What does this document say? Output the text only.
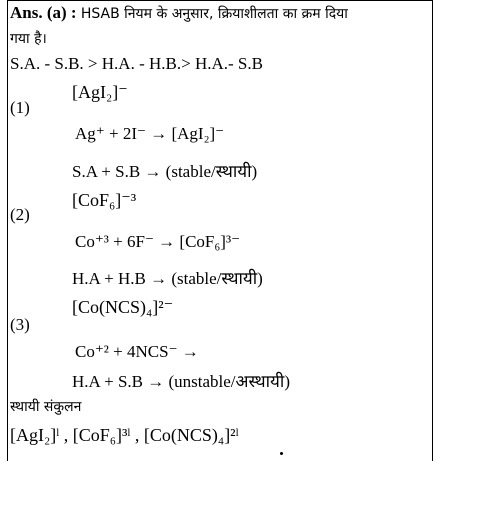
Ans. (a) : HSAB नियम के अनुसार, क्रियाशीलता का क्रम दिया
गया है।
S.A. - S.B. > H.A. - H.B.> H.A.- S.B
(1)
[AgI₂]⁻
Ag⁺ + 2I⁻ → [AgI₂]⁻
S.A + S.B → (stable/स्थायी)
(2)
[CoF₆]⁻³
Co⁺³ + 6F⁻ → [CoF₆]³⁻
H.A + H.B → (stable/स्थायी)
(3)
[Co(NCS)₄]²⁻
Co⁺² + 4NCS⁻ →
H.A + S.B → (unstable/अस्थायी)
स्थायी संकुलन
[AgI₂]ˡ , [CoF₆]³ˡ , [Co(NCS)₄]²ˡ
